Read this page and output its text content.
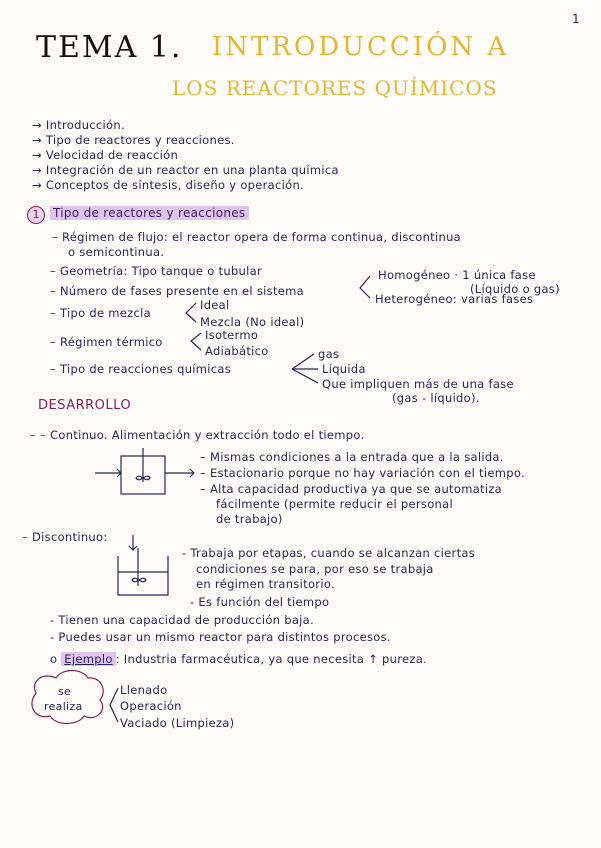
1
TEMA 1. INTRODUCCIÓN A
LOS REACTORES QUÍMICOS
→ Introducción.
→ Tipo de reactores y reacciones.
→ Velocidad de reacción
→ Integración de un reactor en una planta química
→ Conceptos de síntesis, diseño y operación.
1	Tipo de reactores y reacciones
– Régimen de flujo: el reactor opera de forma continua, discontinua
o semicontinua.
– Geometría: Tipo tanque o tubular
– Número de fases presente en el sistema
Homogéneo · 1 única fase
(Líquido o gas)
Heterogéneo: varias fases
– Tipo de mezcla
Ideal
Mezcla (No ideal)
– Régimen térmico	Isotermo
Adiabático
– Tipo de reacciones químicas
gas
Líquida
Que impliquen más de una fase
(gas - líquido).
DESARROLLO
– – Continuo. Alimentación y extracción todo el tiempo.
– Mismas condiciones a la entrada que a la salida.
– Estacionario porque no hay variación con el tiempo.
– Alta capacidad productiva ya que se automatiza
fácilmente (permite reducir el personal
de trabajo)
– Discontinuo:
- Trabaja por etapas, cuando se alcanzan ciertas
condiciones se para, por eso se trabaja
en régimen transitorio.
- Es función del tiempo
- Tienen una capacidad de producción baja.
- Puedes usar un mismo reactor para distintos procesos.
o Ejemplo : Industria farmacéutica, ya que necesita ↑ pureza.
se
realiza
Llenado
Operación
Vaciado (Limpieza)
